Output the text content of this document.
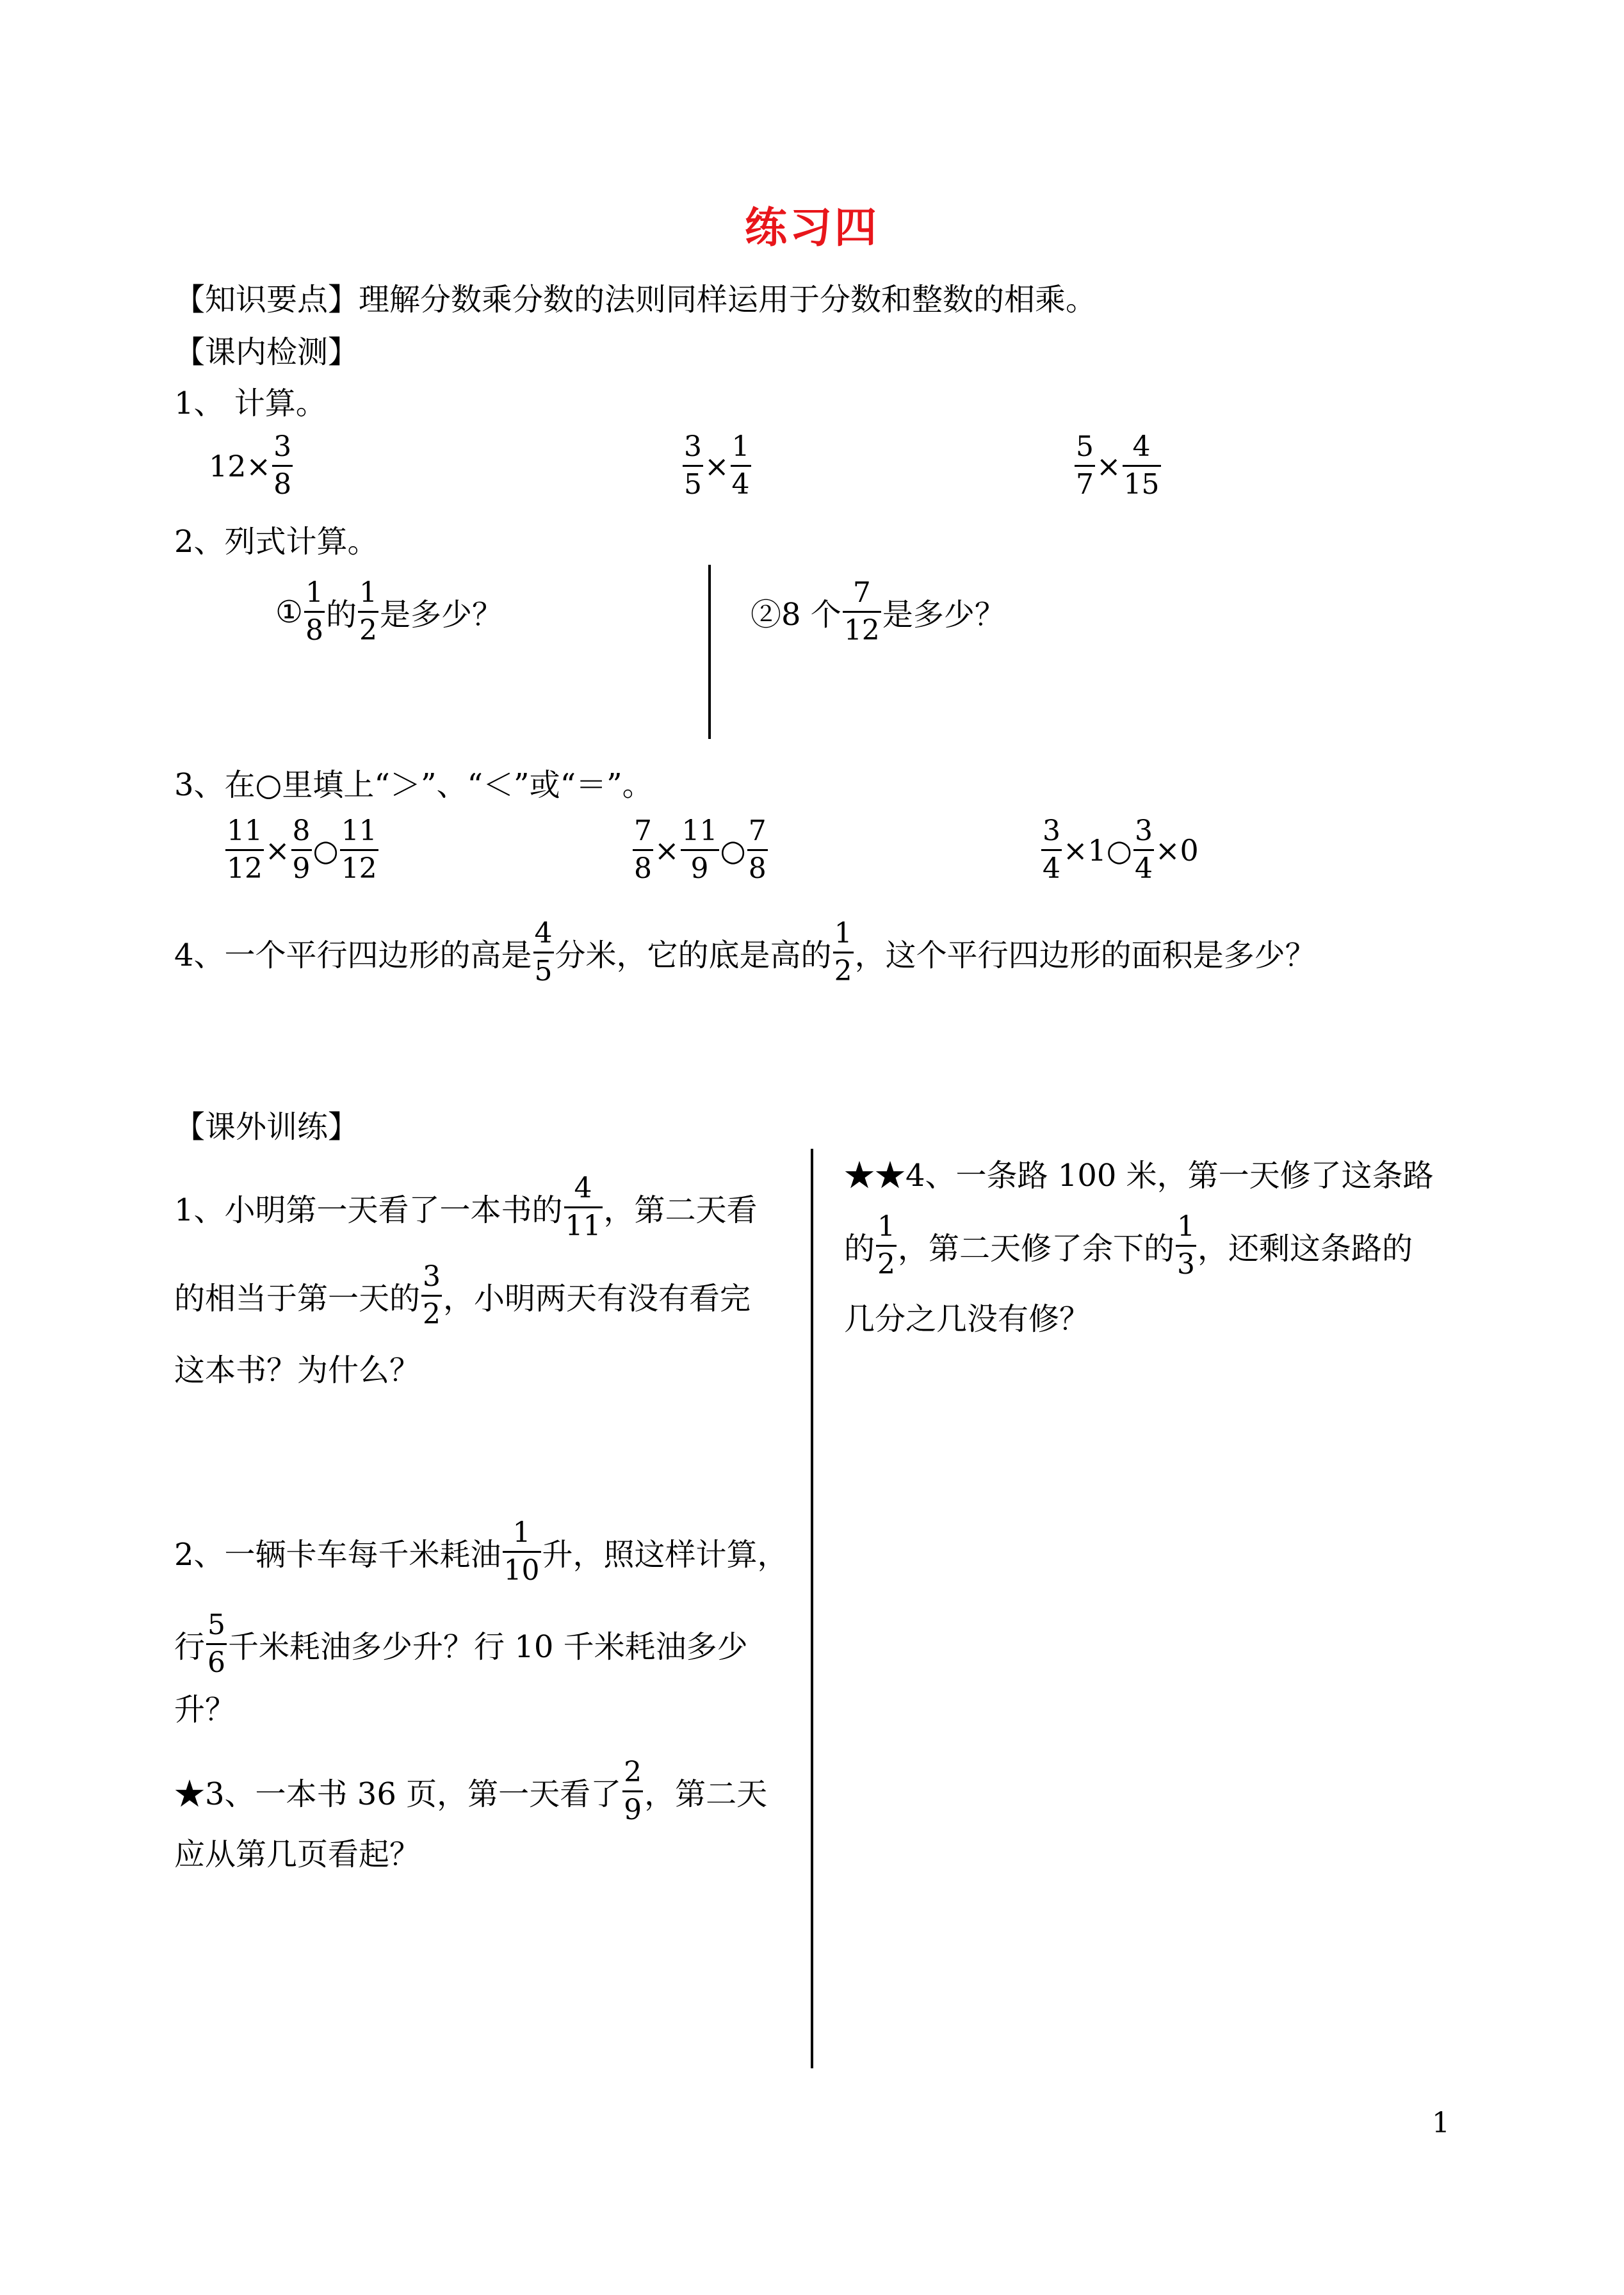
练习四
【知识要点】理解分数乘分数的法则同样运用于分数和整数的相乘。
【课内检测】
1、 计算。
$12 \times \frac{3}{8}$	$\frac{3}{5} \times \frac{1}{4}$	$\frac{5}{7} \times \frac{4}{15}$
2、列式计算。
① $\frac{1}{8}$ 的 $\frac{1}{2}$ 是多少？	②8 个 $\frac{7}{12}$ 是多少？
3、在○里填上“＞”、“＜”或“＝”。
$\frac{11}{12} \times \frac{8}{9}$ ○ $\frac{11}{12}$	$\frac{7}{8} \times \frac{11}{9}$ ○ $\frac{7}{8}$	$\frac{3}{4}$ ×1○ $\frac{3}{4} \times 0$
4、一个平行四边形的高是 $\frac{4}{5}$ 分米，它的底是高的 $\frac{1}{2}$ ，这个平行四边形的面积是多少？
【课外训练】
1、小明第一天看了一本书的 $\frac{4}{11}$ ，第二天看
的相当于第一天的 $\frac{3}{2}$ ，小明两天有没有看完
这本书？为什么？
2、一辆卡车每千米耗油 $\frac{1}{10}$ 升，照这样计算，
行 $\frac{5}{6}$ 千米耗油多少升？行 10 千米耗油多少
升？
★3、一本书 36 页，第一天看了 $\frac{2}{9}$ ，第二天
应从第几页看起？
★★4、一条路 100 米，第一天修了这条路
的 $\frac{1}{2}$ ，第二天修了余下的 $\frac{1}{3}$ ，还剩这条路的
几分之几没有修？
1
